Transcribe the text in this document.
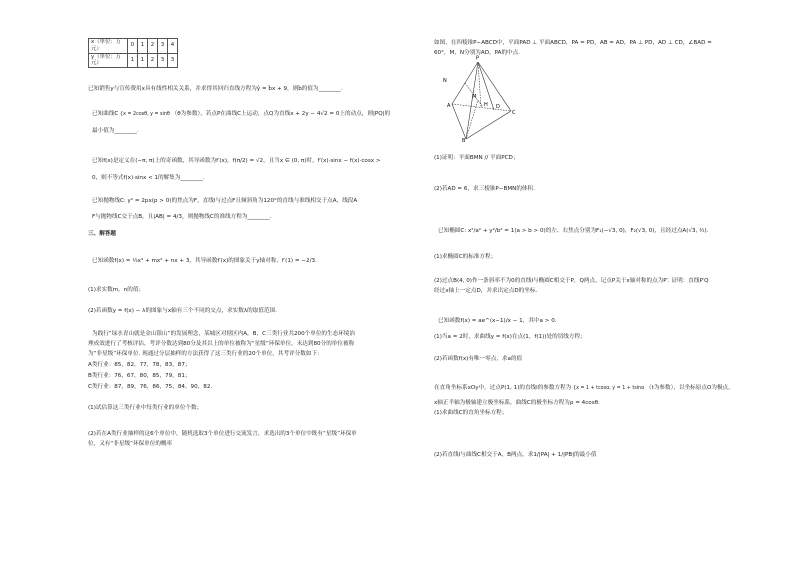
x（单位：万
元）	0	1	2	3	4

y（单位：万
元）	1	1	2	3	3
已知销售y与宣传费用x具有线性相关关系，并求得其回归直线方程为ŷ = b̂x + 9，则b̂的值为________.
已知曲线C {x = 2cosθ, y = sinθ （θ为参数），若点P在曲线C上运动，点Q为直线x + 2y − 4√2 = 0上的动点，则|PQ|的
最小值为________.
已知f(x)是定义在(−π, π)上的奇函数，其导函数为f′(x)，f(π/2) = √2，且当x ∈ (0, π)时，f′(x)·sinx − f(x)·cosx >
0，则不等式f(x)·sinx < 1的解集为________.
已知抛物线C: y² = 2px(p > 0)的焦点为F，直线l与过点F且倾斜角为120°的直线与准线相交于点A，线段A
F与抛物线C交于点B，且|AB| = 4/3，则抛物线C的准线方程为________.
三、解答题
已知函数f(x) = ⅓x³ + mx² + nx + 3，其导函数f′(x)的图象关于y轴对称，f′(1) = −2/3.
(1)求实数m，n的值；
(2)若函数y = f(x) − λ的图象与x轴有三个不同的交点，求实数λ的取值范围.
为践行“绿水青山就是金山银山”的发展理念，某城区对辖区内A，B，C三类行业共200个单位的生态环境治
理成效进行了考核评估，考评分数达到80分及其以上的单位被称为“星级”环保单位，未达到80分的单位被称
为“非星级”环保单位. 现通过分层抽样的方法获得了这三类行业的20个单位，其考评分数如下：
A类行业：85，82，77，78，83，87；
B类行业：76，67，80，85，79，81；
C类行业：87，89，76，86，75，84，90，82.
(1)试估算这三类行业中每类行业的单位个数；
(2)若在A类行业抽样的这6个单位中，随机选取3个单位进行交流发言，求选出的3个单位中既有“星级”环保单
位，又有“非星级”环保单位的概率
如图，在四棱锥P−ABCD中，平面PAD ⊥ 平面ABCD，PA = PD，AB = AD，PA ⊥ PD，AD ⊥ CD，∠BAD =
60°，M，N分别为AD，PA的中点.
P
N
A	H
B
C
D
M
(1)证明：平面BMN // 平面PCD；
(2)若AD = 6，求三棱锥P−BMN的体积.
已知椭圆C: x²/a² + y²/b² = 1(a > b > 0)的左、右焦点分别为F₁(−√3, 0)，F₂(√3, 0)，且经过点A(√3, ½).
(1)求椭圆C的标准方程；
(2)过点B(4, 0)作一条斜率不为0的直线l与椭圆C相交于P，Q两点，记点P关于x轴对称的点为P′. 证明：直线P′Q
经过x轴上一定点D，并求出定点D的坐标.
已知函数f(x) = ae^(x−1)/x − 1，其中a > 0.
(1)当a = 2时，求曲线y = f(x)在点(1，f(1))处的切线方程；
(2)若函数f(x)有唯一零点，求a的值
在直角坐标系xOy中，过点P(1, 1)的直线l的参数方程为 {x = 1 + tcosα, y = 1 + tsinα （t为参数），以坐标原点O为极点，
x轴正半轴为极轴建立极坐标系，曲线C的极坐标方程为ρ = 4cosθ.
(1)求曲线C的直角坐标方程；
(2)若直线l与曲线C相交于A，B两点，求1/|PA| + 1/|PB|的最小值
